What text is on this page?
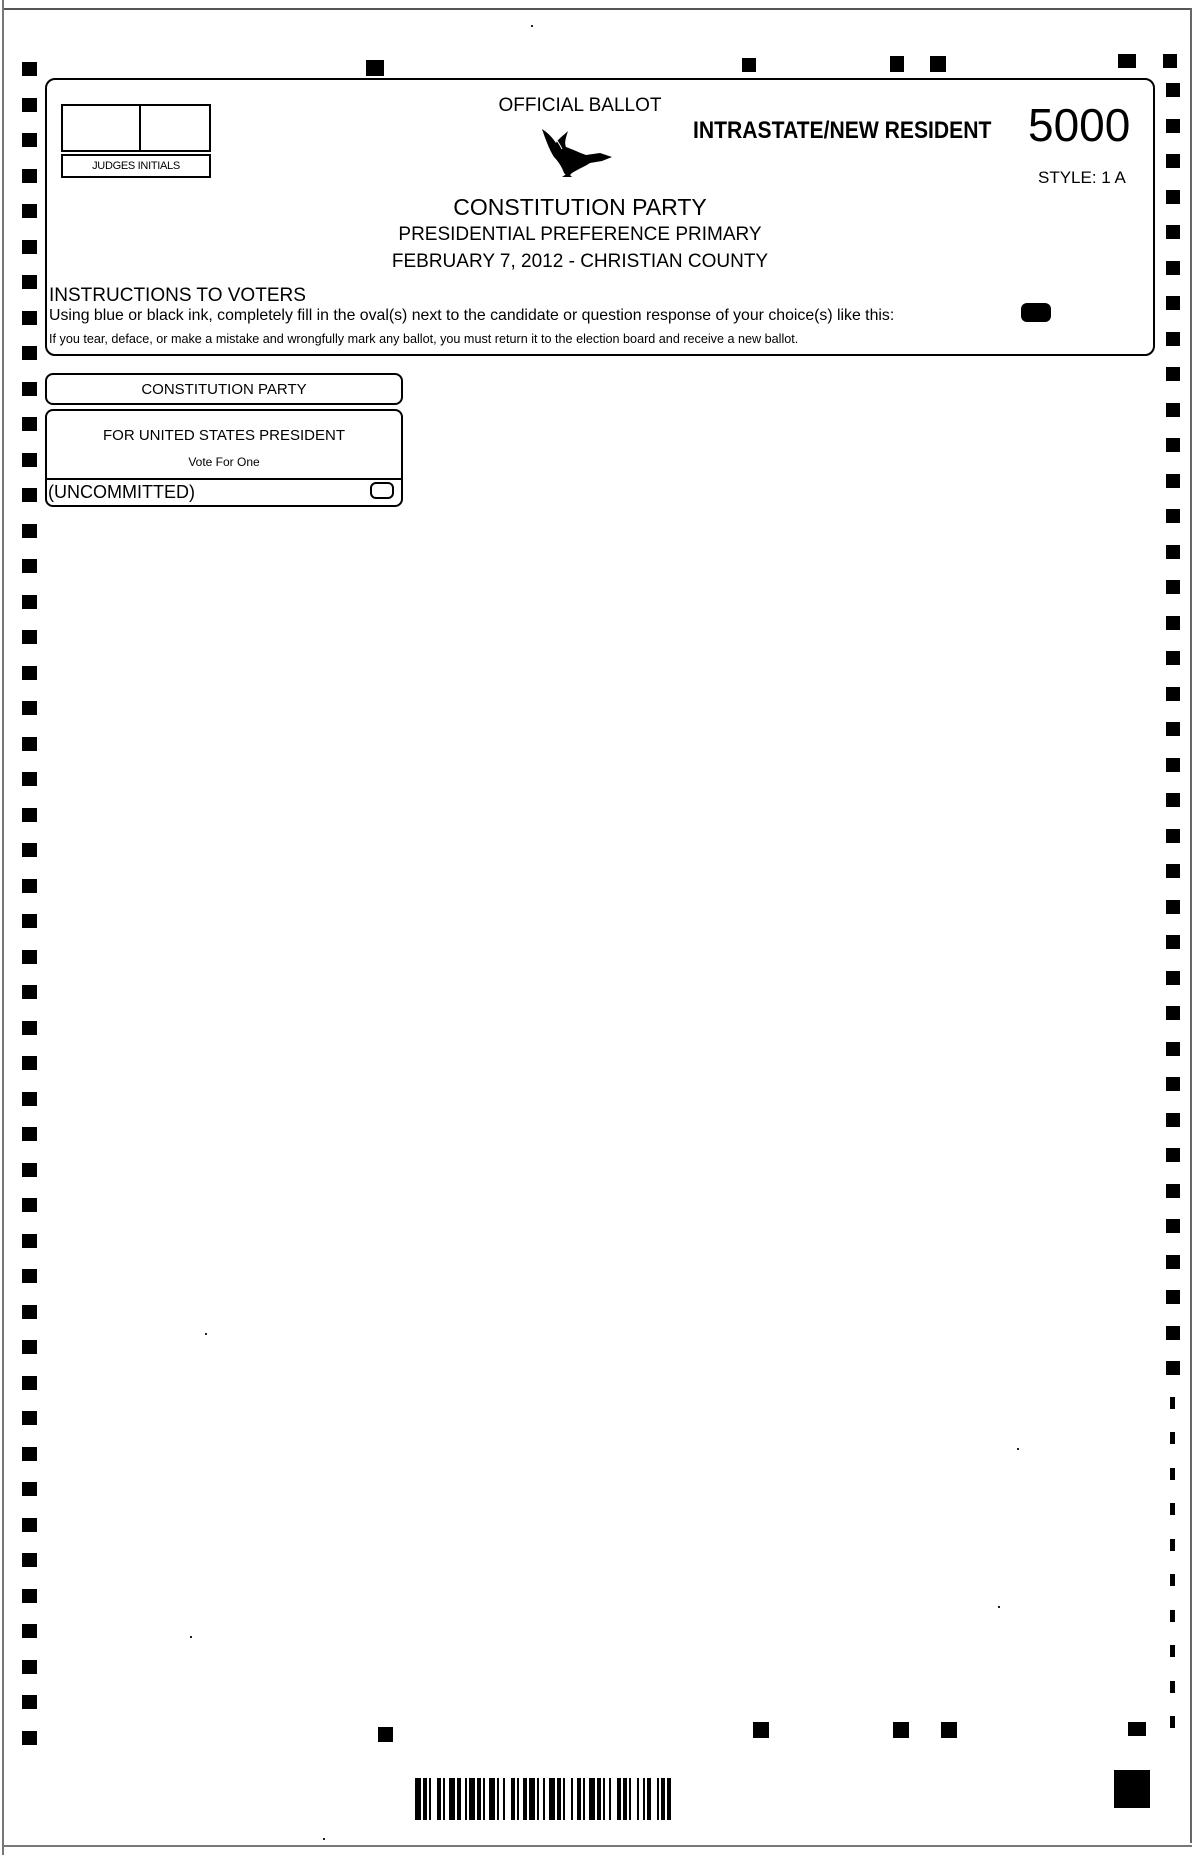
JUDGES INITIALS
OFFICIAL BALLOT
INTRASTATE/NEW RESIDENT 5000
STYLE: 1 A
CONSTITUTION PARTY
PRESIDENTIAL PREFERENCE PRIMARY
FEBRUARY 7, 2012 - CHRISTIAN COUNTY
INSTRUCTIONS TO VOTERS
Using blue or black ink, completely fill in the oval(s) next to the candidate or question response of your choice(s) like this:
If you tear, deface, or make a mistake and wrongfully mark any ballot, you must return it to the election board and receive a new ballot.
CONSTITUTION PARTY
FOR UNITED STATES PRESIDENT
Vote For One
(UNCOMMITTED)
